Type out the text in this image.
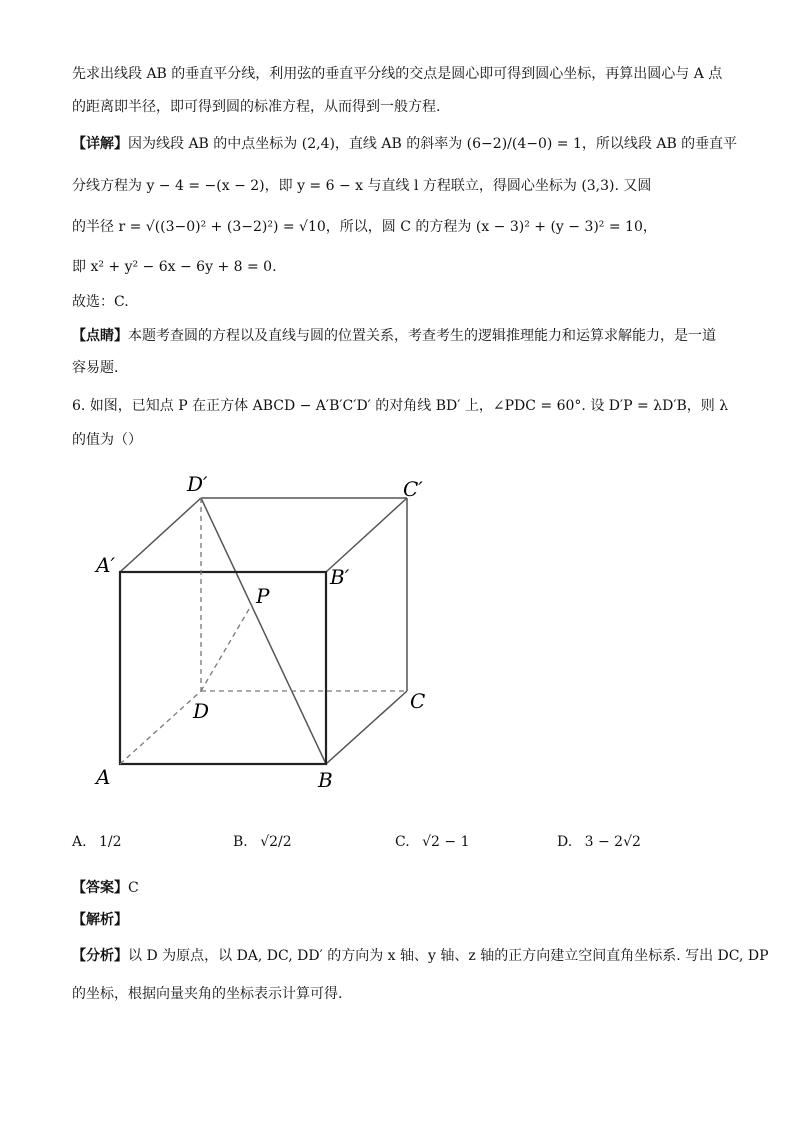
先求出线段 AB 的垂直平分线，利用弦的垂直平分线的交点是圆心即可得到圆心坐标，再算出圆心与 A 点
的距离即半径，即可得到圆的标准方程，从而得到一般方程.
【详解】因为线段 AB 的中点坐标为 (2,4)，直线 AB 的斜率为 (6−2)/(4−0) = 1，所以线段 AB 的垂直平
分线方程为 y − 4 = −(x − 2)，即 y = 6 − x 与直线 l 方程联立，得圆心坐标为 (3,3). 又圆
的半径 r = √((3−0)² + (3−2)²) = √10，所以，圆 C 的方程为 (x − 3)² + (y − 3)² = 10，
即 x² + y² − 6x − 6y + 8 = 0.
故选：C.
【点睛】本题考查圆的方程以及直线与圆的位置关系，考查考生的逻辑推理能力和运算求解能力，是一道
容易题.
6. 如图，已知点 P 在正方体 ABCD − A′B′C′D′ 的对角线 BD′ 上，∠PDC = 60°. 设 D′P = λD′B，则 λ
的值为（）
D′	C′
A′	B′
P
D	C
A	B
A. 1/2	B. √2/2	C. √2 − 1	D. 3 − 2√2
【答案】C
【解析】
【分析】以 D 为原点，以 DA, DC, DD′ 的方向为 x 轴、y 轴、z 轴的正方向建立空间直角坐标系. 写出 DC, DP
的坐标，根据向量夹角的坐标表示计算可得.
